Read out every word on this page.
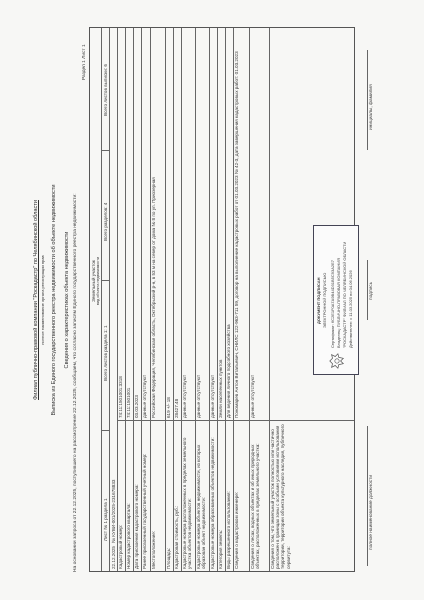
Филиал публично-правовой компании "Роскадастр" по Челябинской области полное наименование органа регистрации прав Выписка из Единого государственного реестра недвижимости об объекте недвижимости Сведения о характеристиках объекта недвижимости На основании запроса от 22.12.2025, поступившего на рассмотрение 22.12.2025, сообщаем, что согласно записям Единого государственного реестра недвижимости:
Раздел 1 Лист 1
Земельный участок вид объекта недвижимости
Лист № 1 раздела 1
Всего листов раздела 1: 1
Всего разделов: 4
Всего листов выписки: 6
22.12.2025
№ КУВИ-001/2025-231678833
Кадастровый номер:
74:11:1501001:3318
Номер кадастрового квартала:
74:11:1501001
Дата присвоения кадастрового номера:
03.03.2023
Ранее присвоенный государственный учетный номер:
данные отсутствуют
Местоположение:
Российская Федерация, Челябинская область, Октябрьский р-н, в 53 м на север от дома № 8 по ул. Приозерная
Площадь:
619 +/- 18
Кадастровая стоимость, руб.:
28427.48
Кадастровые номера расположенных в пределах земельного участка объектов недвижимости:
данные отсутствуют
Кадастровые номера объектов недвижимости, из которых образован объект недвижимости:
данные отсутствуют
Кадастровые номера образованных объектов недвижимости:
данные отсутствуют
Категория земель:
Земли населенных пунктов
Виды разрешенного использования:
Для ведения личного подсобного хозяйства
Сведения о кадастровом инженере:
Пономарев Антон Витальевич, СНИЛС 122-963-711 59, договор на выполнение кадастровых работ от 01.03.2023 № 42-3, дата завершения кадастровых работ: 01.03.2023
Сведения о лесах, водных объектах и об иных природных объектах, расположенных в пределах земельного участка:
данные отсутствуют
Сведения о том, что земельный участок полностью или частично расположен в границах зоны с особыми условиями использования территории, территории объекта культурного наследия, публичного сервитута:
полное наименование должности
подпись
инициалы, фамилия
ДОКУМЕНТ ПОДПИСАН ЭЛЕКТРОННОЙ ПОДПИСЬЮ Сертификат: 6C2E1F0A7A9B44D31B5C93A2E7 Владелец: ПУБЛИЧНО-ПРАВОВАЯ КОМПАНИЯ "РОСКАДАСТР" ФИЛИАЛ ПО ЧЕЛЯБИНСКОЙ ОБЛАСТИ Действителен: с 11.03.2025 по 04.06.2026
